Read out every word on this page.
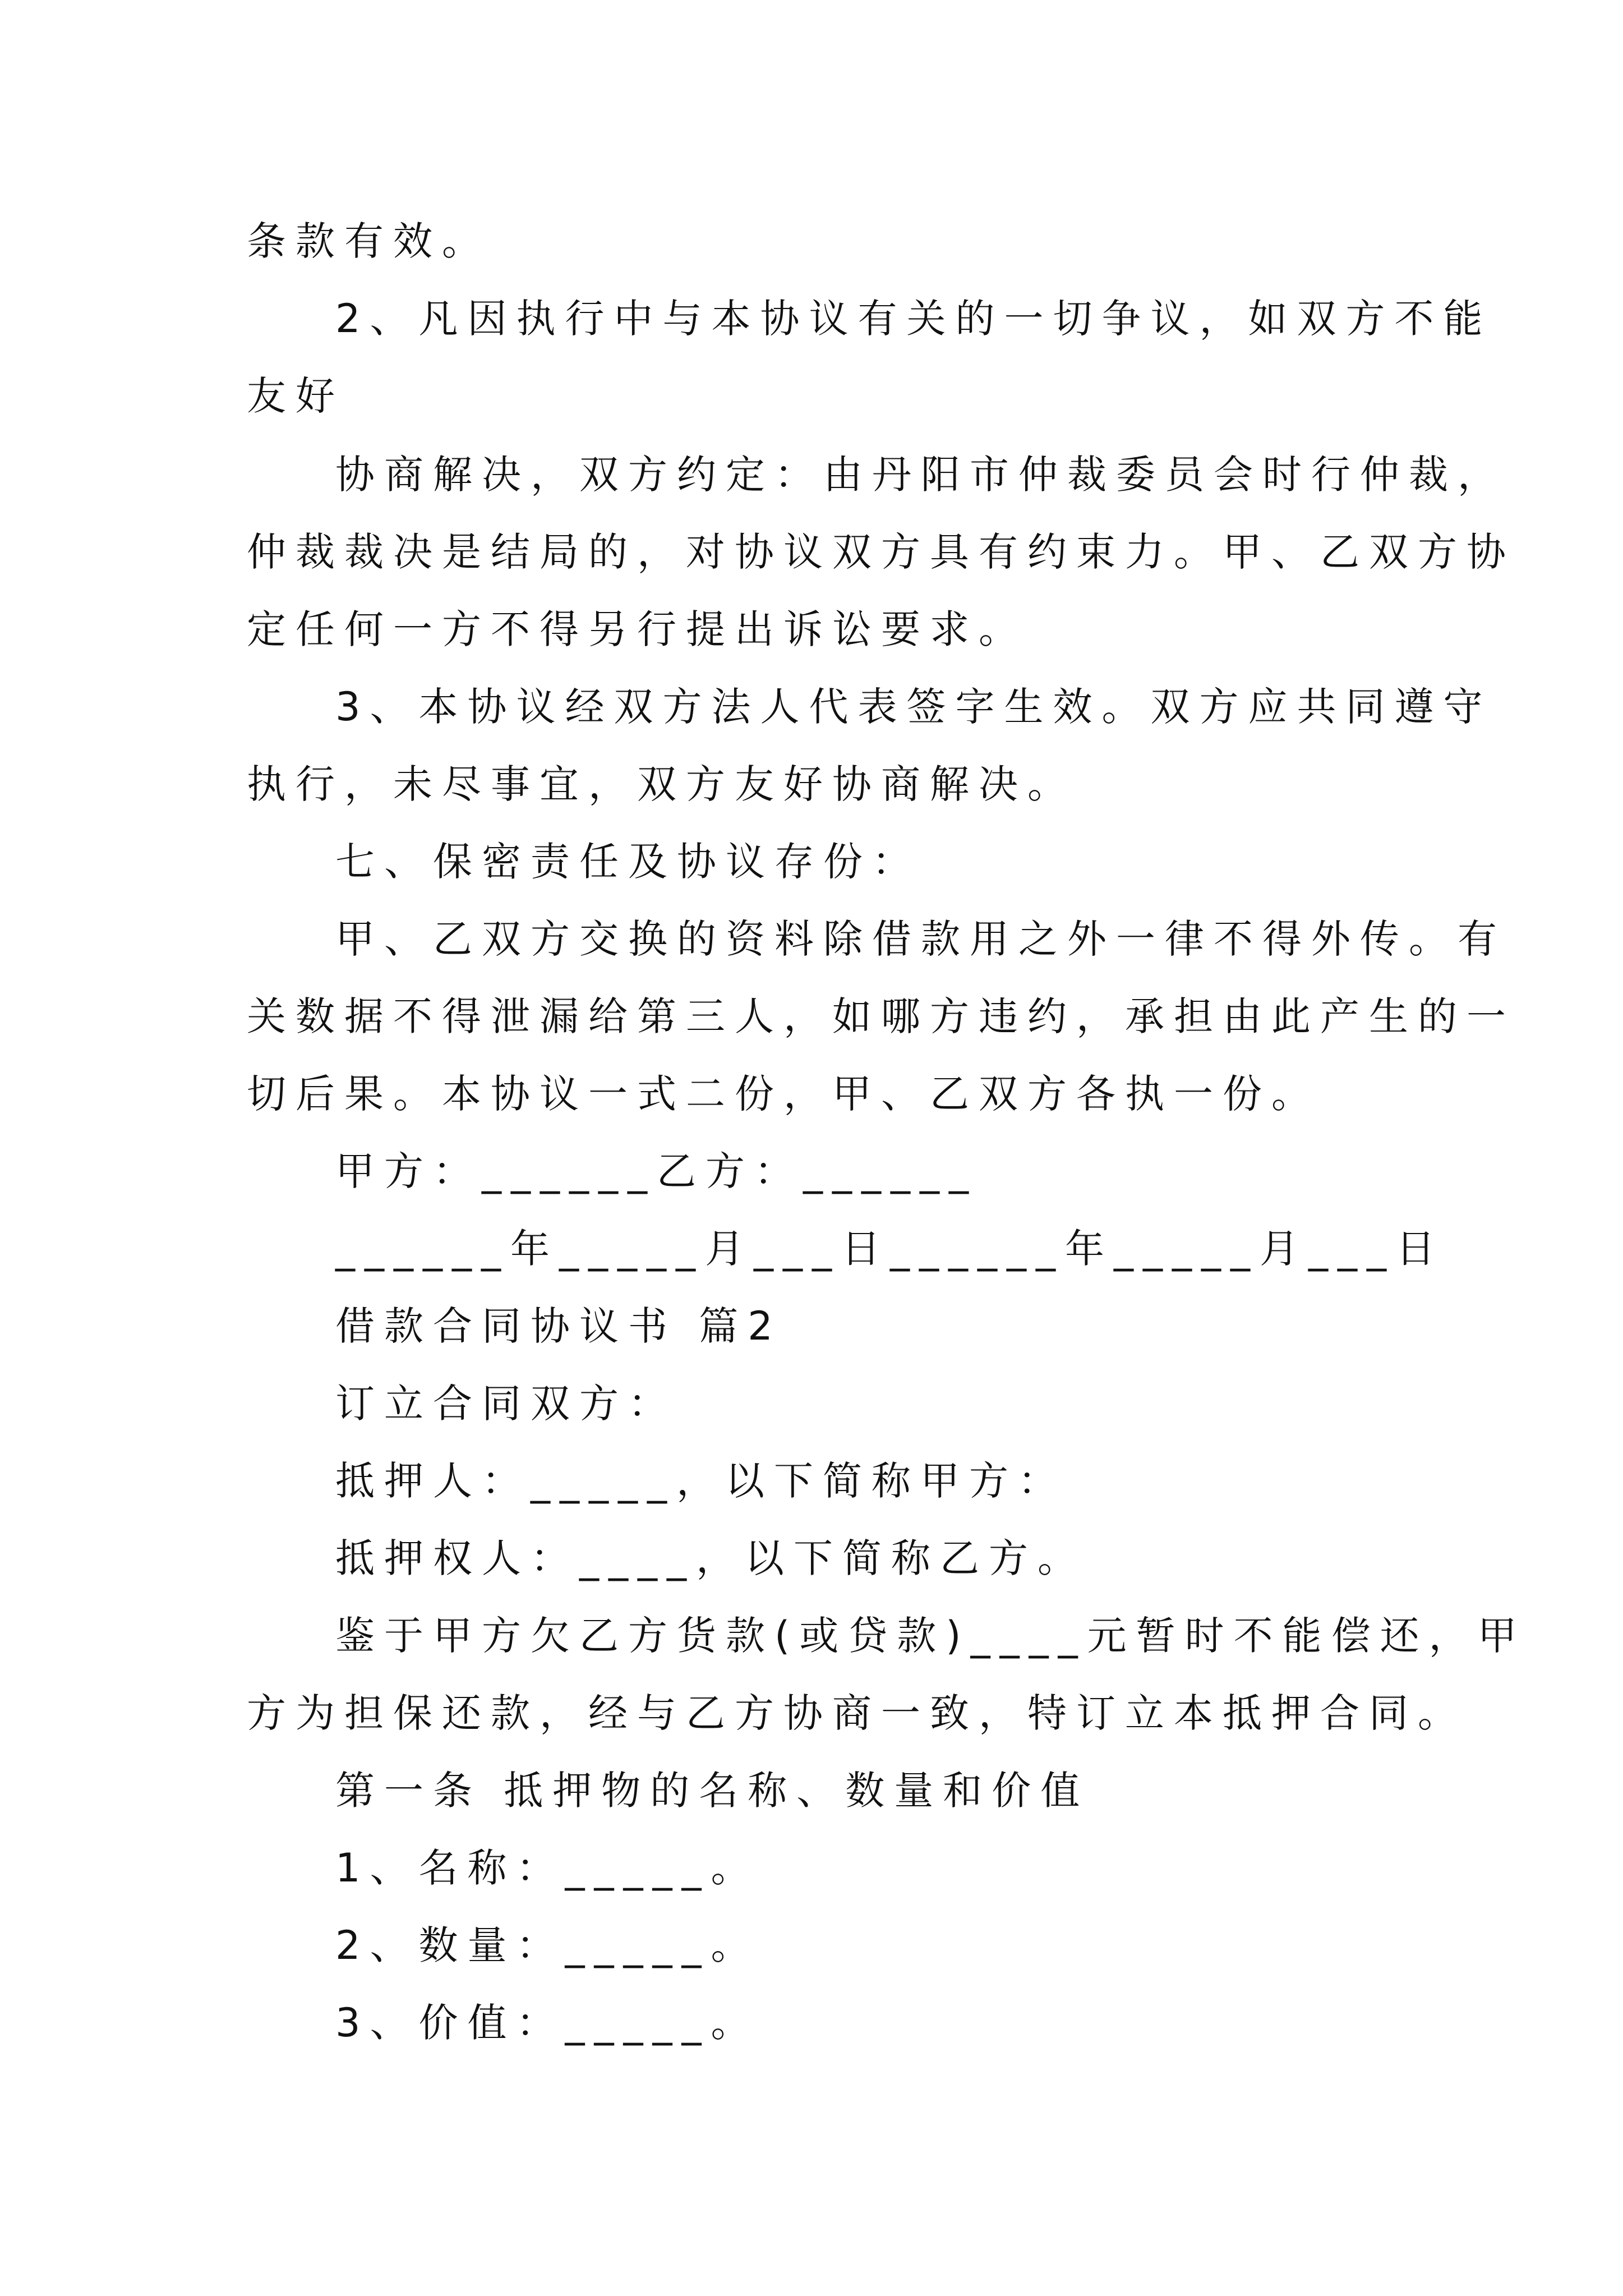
条款有效。

2、凡因执行中与本协议有关的一切争议，如双方不能

友好

协商解决，双方约定：由丹阳市仲裁委员会时行仲裁，

仲裁裁决是结局的，对协议双方具有约束力。甲、乙双方协

定任何一方不得另行提出诉讼要求。

3、本协议经双方法人代表签字生效。双方应共同遵守

执行，未尽事宜，双方友好协商解决。

七、保密责任及协议存份：

甲、乙双方交换的资料除借款用之外一律不得外传。有

关数据不得泄漏给第三人，如哪方违约，承担由此产生的一

切后果。本协议一式二份，甲、乙双方各执一份。

甲方：______乙方：______

______年_____月___日______年_____月___日

借款合同协议书 篇2

订立合同双方：

抵押人：_____，以下简称甲方：

抵押权人：____，以下简称乙方。

鉴于甲方欠乙方货款(或贷款)____元暂时不能偿还，甲

方为担保还款，经与乙方协商一致，特订立本抵押合同。

第一条 抵押物的名称、数量和价值

1、名称：_____。

2、数量：_____。

3、价值：_____。
